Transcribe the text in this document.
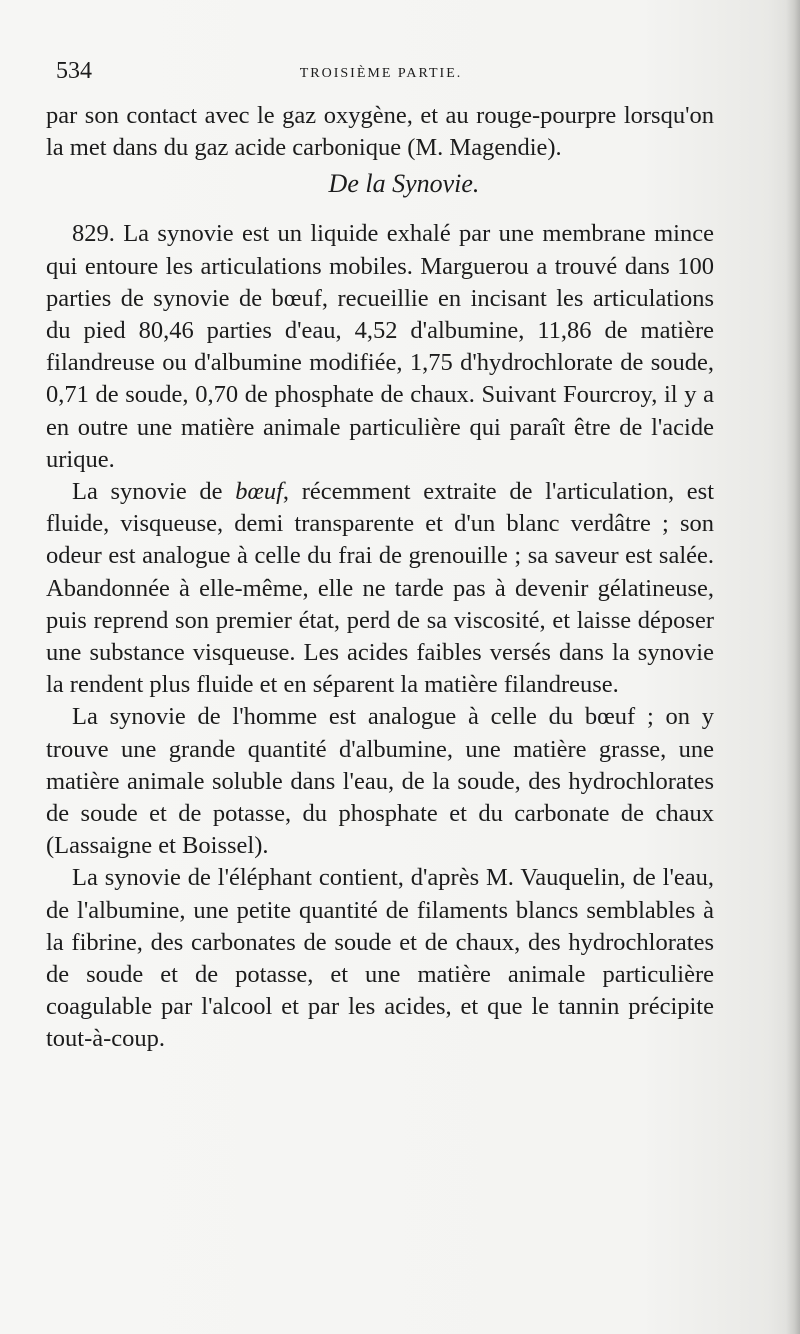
534	TROISIÈME PARTIE.

par son contact avec le gaz oxygène, et au rouge-pourpre lorsqu'on la met dans du gaz acide carbonique (M. Magendie).

De la Synovie.

829. La synovie est un liquide exhalé par une membrane mince qui entoure les articulations mobiles. Marguerou a trouvé dans 100 parties de synovie de bœuf, recueillie en incisant les articulations du pied 80,46 parties d'eau, 4,52 d'albumine, 11,86 de matière filandreuse ou d'albumine modifiée, 1,75 d'hydrochlorate de soude, 0,71 de soude, 0,70 de phosphate de chaux. Suivant Fourcroy, il y a en outre une matière animale particulière qui paraît être de l'acide urique.

La synovie de bœuf, récemment extraite de l'articulation, est fluide, visqueuse, demi transparente et d'un blanc verdâtre ; son odeur est analogue à celle du frai de grenouille ; sa saveur est salée. Abandonnée à elle-même, elle ne tarde pas à devenir gélatineuse, puis reprend son premier état, perd de sa viscosité, et laisse déposer une substance visqueuse. Les acides faibles versés dans la synovie la rendent plus fluide et en séparent la matière filandreuse.

La synovie de l'homme est analogue à celle du bœuf ; on y trouve une grande quantité d'albumine, une matière grasse, une matière animale soluble dans l'eau, de la soude, des hydrochlorates de soude et de potasse, du phosphate et du carbonate de chaux (Lassaigne et Boissel).

La synovie de l'éléphant contient, d'après M. Vauquelin, de l'eau, de l'albumine, une petite quantité de filaments blancs semblables à la fibrine, des carbonates de soude et de chaux, des hydrochlorates de soude et de potasse, et une matière animale particulière coagulable par l'alcool et par les acides, et que le tannin précipite tout-à-coup.
